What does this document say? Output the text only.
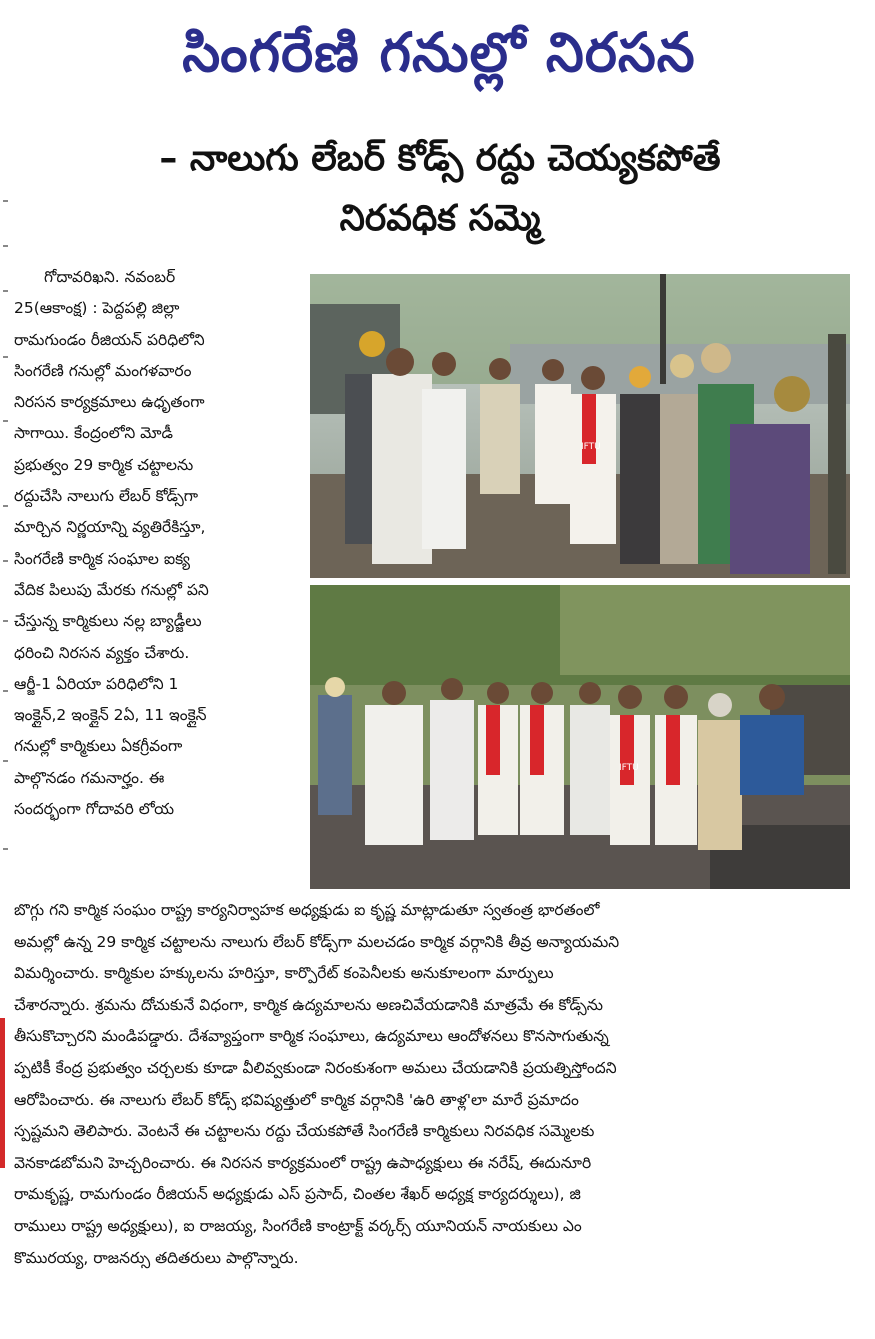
సింగరేణి గనుల్లో నిరసన
– నాలుగు లేబర్ కోడ్స్ రద్దు చెయ్యకపోతే
నిరవధిక సమ్మె
గోదావరిఖని. నవంబర్
25(ఆకాంక్ష) : పెద్దపల్లి జిల్లా
రామగుండం రీజియన్ పరిధిలోని
సింగరేణి గనుల్లో మంగళవారం
నిరసన కార్యక్రమాలు ఉధృతంగా
సాగాయి. కేంద్రంలోని మోడీ
ప్రభుత్వం 29 కార్మిక చట్టాలను
రద్దుచేసి నాలుగు లేబర్ కోడ్స్‌గా
మార్చిన నిర్ణయాన్ని వ్యతిరేకిస్తూ,
సింగరేణి కార్మిక సంఘాల ఐక్య
వేదిక పిలుపు మేరకు గనుల్లో పని
చేస్తున్న కార్మికులు నల్ల బ్యాడ్జీలు
ధరించి నిరసన వ్యక్తం చేశారు.
ఆర్జీ-1 ఏరియా పరిధిలోని 1
ఇంక్లైన్,2 ఇంక్లైన్ 2ఏ, 11 ఇంక్లైన్
గనుల్లో కార్మికులు ఏకగ్రీవంగా
పాల్గొనడం గమనార్హం. ఈ
సందర్భంగా గోదావరి లోయ
IFTU
IFTU
బొగ్గు గని కార్మిక సంఘం రాష్ట్ర కార్యనిర్వాహక అధ్యక్షుడు ఐ కృష్ణ మాట్లాడుతూ స్వతంత్ర భారతంలో
అమల్లో ఉన్న 29 కార్మిక చట్టాలను నాలుగు లేబర్ కోడ్స్‌గా మలచడం కార్మిక వర్గానికి తీవ్ర అన్యాయమని
విమర్శించారు. కార్మికుల హక్కులను హరిస్తూ, కార్పొరేట్ కంపెనీలకు అనుకూలంగా మార్పులు
చేశారన్నారు. శ్రమను దోచుకునే విధంగా, కార్మిక ఉద్యమాలను అణచివేయడానికి మాత్రమే ఈ కోడ్స్‌ను
తీసుకొచ్చారని మండిపడ్డారు. దేశవ్యాప్తంగా కార్మిక సంఘాలు, ఉద్యమాలు ఆందోళనలు కొనసాగుతున్న
ప్పటికీ కేంద్ర ప్రభుత్వం చర్చలకు కూడా వీలివ్వకుండా నిరంకుశంగా అమలు చేయడానికి ప్రయత్నిస్తోందని
ఆరోపించారు. ఈ నాలుగు లేబర్ కోడ్స్ భవిష్యత్తులో కార్మిక వర్గానికి 'ఉరి తాళ్ల'లా మారే ప్రమాదం
స్పష్టమని తెలిపారు. వెంటనే ఈ చట్టాలను రద్దు చేయకపోతే సింగరేణి కార్మికులు నిరవధిక సమ్మెలకు
వెనకాడబోమని హెచ్చరించారు. ఈ నిరసన కార్యక్రమంలో రాష్ట్ర ఉపాధ్యక్షులు ఈ నరేష్, ఈదునూరి
రామకృష్ణ, రామగుండం రీజియన్ అధ్యక్షుడు ఎస్ ప్రసాద్, చింతల శేఖర్ అధ్యక్ష కార్యదర్శులు), జి
రాములు రాష్ట్ర అధ్యక్షులు), ఐ రాజయ్య, సింగరేణి కాంట్రాక్ట్ వర్కర్స్ యూనియన్ నాయకులు ఎం
కొమురయ్య, రాజనర్సు తదితరులు పాల్గొన్నారు.
